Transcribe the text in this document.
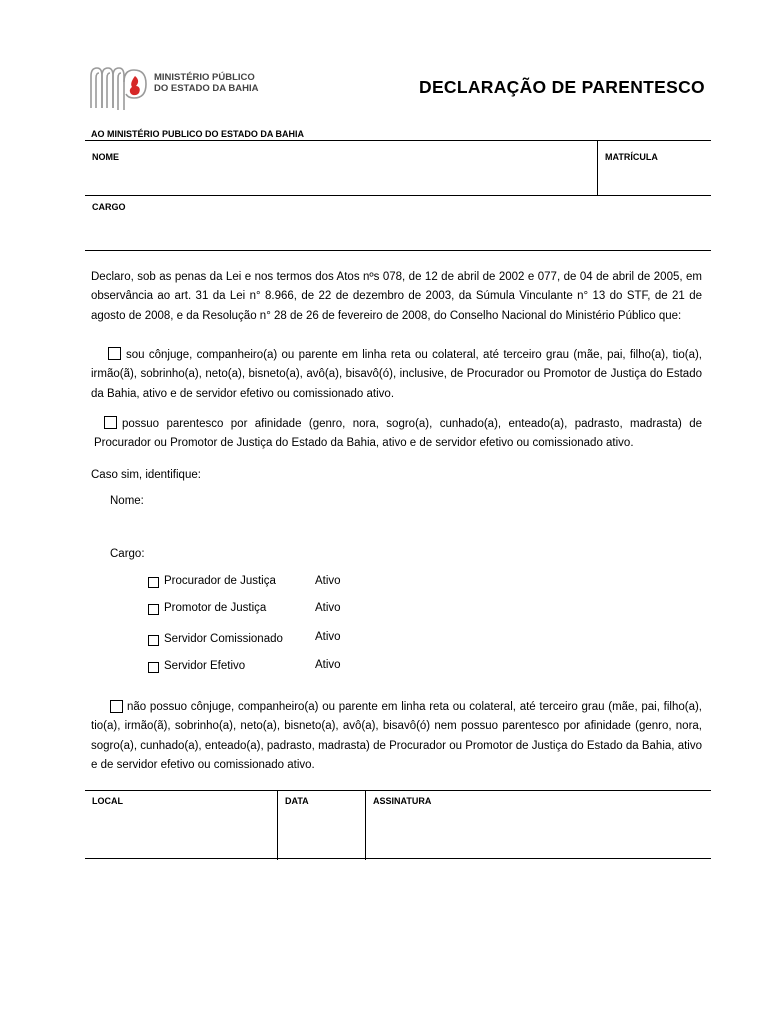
MINISTÉRIO PÚBLICO
DO ESTADO DA BAHIA	DECLARAÇÃO DE PARENTESCO
AO MINISTÉRIO PUBLICO DO ESTADO DA BAHIA
NOME	MATRÍCULA
CARGO
Declaro, sob as penas da Lei e nos termos dos Atos nºs 078, de 12 de abril de 2002 e 077, de 04 de abril de 2005, em observância ao art. 31 da Lei n° 8.966, de 22 de dezembro de 2003, da Súmula Vinculante n° 13 do STF, de 21 de agosto de 2008, e da Resolução n° 28 de 26 de fevereiro de 2008, do Conselho Nacional do Ministério Público que:
sou cônjuge, companheiro(a) ou parente em linha reta ou colateral, até terceiro grau (mãe, pai, filho(a), tio(a), irmão(ã), sobrinho(a), neto(a), bisneto(a), avô(a), bisavô(ó), inclusive, de Procurador ou Promotor de Justiça do Estado da Bahia, ativo e de servidor efetivo ou comissionado ativo.
possuo parentesco por afinidade (genro, nora, sogro(a), cunhado(a), enteado(a), padrasto, madrasta) de Procurador ou Promotor de Justiça do Estado da Bahia, ativo e de servidor efetivo ou comissionado ativo.
Caso sim, identifique:
Nome:
Cargo:
Procurador de Justiça	Ativo
Promotor de Justiça	Ativo
Servidor Comissionado	Ativo
Servidor Efetivo	Ativo
não possuo cônjuge, companheiro(a) ou parente em linha reta ou colateral, até terceiro grau (mãe, pai, filho(a), tio(a), irmão(ã), sobrinho(a), neto(a), bisneto(a), avô(a), bisavô(ó) nem possuo parentesco por afinidade (genro, nora, sogro(a), cunhado(a), enteado(a), padrasto, madrasta) de Procurador ou Promotor de Justiça do Estado da Bahia, ativo e de servidor efetivo ou comissionado ativo.
LOCAL	DATA	ASSINATURA
